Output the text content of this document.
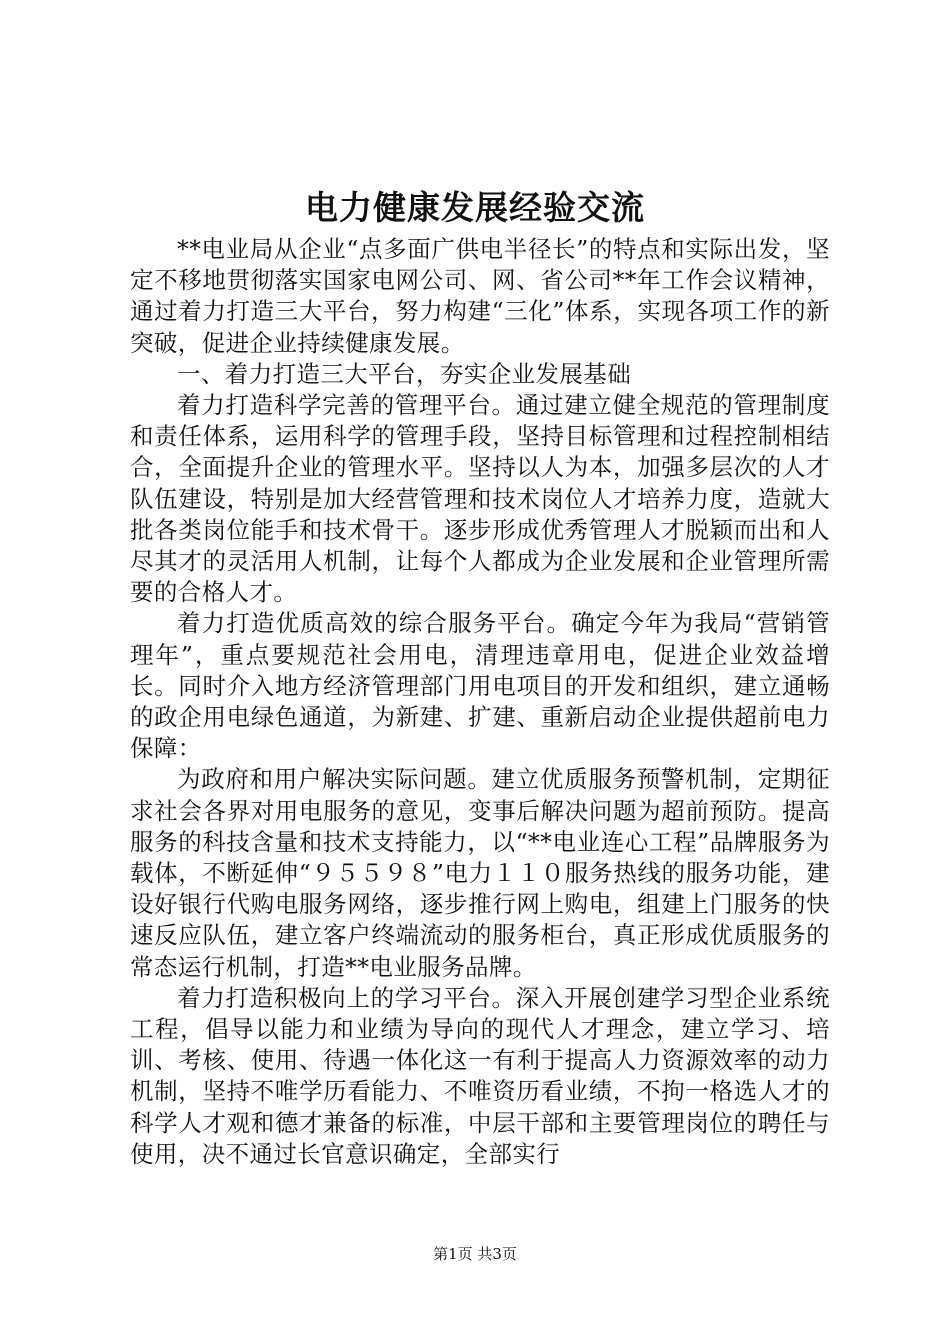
电力健康发展经验交流

**电业局从企业“点多面广供电半径长”的特点和实际出发，坚定不移地贯彻落实国家电网公司、网、省公司**年工作会议精神，通过着力打造三大平台，努力构建“三化”体系，实现各项工作的新突破，促进企业持续健康发展。

一、着力打造三大平台，夯实企业发展基础

着力打造科学完善的管理平台。通过建立健全规范的管理制度和责任体系，运用科学的管理手段，坚持目标管理和过程控制相结合，全面提升企业的管理水平。坚持以人为本，加强多层次的人才队伍建设，特别是加大经营管理和技术岗位人才培养力度，造就大批各类岗位能手和技术骨干。逐步形成优秀管理人才脱颖而出和人尽其才的灵活用人机制，让每个人都成为企业发展和企业管理所需要的合格人才。

着力打造优质高效的综合服务平台。确定今年为我局“营销管理年”，重点要规范社会用电，清理违章用电，促进企业效益增长。同时介入地方经济管理部门用电项目的开发和组织，建立通畅的政企用电绿色通道，为新建、扩建、重新启动企业提供超前电力保障：

为政府和用户解决实际问题。建立优质服务预警机制，定期征求社会各界对用电服务的意见，变事后解决问题为超前预防。提高服务的科技含量和技术支持能力，以“**电业连心工程”品牌服务为载体，不断延伸“９５５９８”电力１１０服务热线的服务功能，建设好银行代购电服务网络，逐步推行网上购电，组建上门服务的快速反应队伍，建立客户终端流动的服务柜台，真正形成优质服务的常态运行机制，打造**电业服务品牌。

着力打造积极向上的学习平台。深入开展创建学习型企业系统工程，倡导以能力和业绩为导向的现代人才理念，建立学习、培训、考核、使用、待遇一体化这一有利于提高人力资源效率的动力机制，坚持不唯学历看能力、不唯资历看业绩，不拘一格选人才的科学人才观和德才兼备的标准，中层干部和主要管理岗位的聘任与使用，决不通过长官意识确定，全部实行

第1页 共3页
